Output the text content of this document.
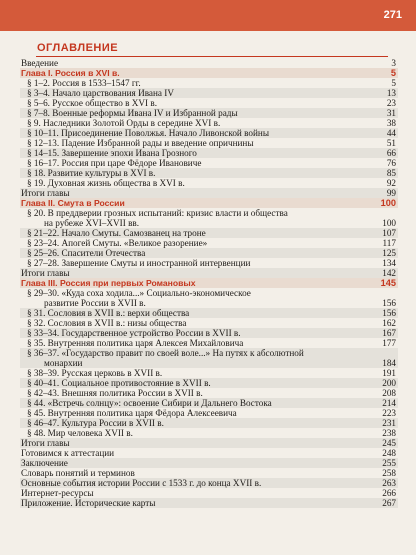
271
ОГЛАВЛЕНИЕ
Введение	3
Глава I. Россия в XVI в.	5
§ 1–2. Россия в 1533–1547 гг.	5
§ 3–4. Начало царствования Ивана IV	13
§ 5–6. Русское общество в XVI в.	23
§ 7–8. Военные реформы Ивана IV и Избранной рады	31
§ 9. Наследники Золотой Орды в середине XVI в.	38
§ 10–11. Присоединение Поволжья. Начало Ливонской войны	44
§ 12–13. Падение Избранной рады и введение опричнины	51
§ 14–15. Завершение эпохи Ивана Грозного	66
§ 16–17. Россия при царе Фёдоре Ивановиче	76
§ 18. Развитие культуры в XVI в.	85
§ 19. Духовная жизнь общества в XVI в.	92
Итоги главы	99
Глава II. Смута в России	100
§ 20. В преддверии грозных испытаний: кризис власти и общества
на рубеже XVI–XVII вв.	100
§ 21–22. Начало Смуты. Самозванец на троне	107
§ 23–24. Апогей Смуты. «Великое разорение»	117
§ 25–26. Спасители Отечества	125
§ 27–28. Завершение Смуты и иностранной интервенции	134
Итоги главы	142
Глава III. Россия при первых Романовых	145
§ 29–30. «Куда соха ходила...» Социально-экономическое
развитие России в XVII в.	156
§ 31. Сословия в XVII в.: верхи общества	156
§ 32. Сословия в XVII в.: низы общества	162
§ 33–34. Государственное устройство России в XVII в.	167
§ 35. Внутренняя политика царя Алексея Михайловича	177
§ 36–37. «Государство правит по своей воле...» На путях к абсолютной
монархии	184
§ 38–39. Русская церковь в XVII в.	191
§ 40–41. Социальное противостояние в XVII в.	200
§ 42–43. Внешняя политика России в XVII в.	208
§ 44. «Встречь солнцу»: освоение Сибири и Дальнего Востока	214
§ 45. Внутренняя политика царя Фёдора Алексеевича	223
§ 46–47. Культура России в XVII в.	231
§ 48. Мир человека XVII в.	238
Итоги главы	245
Готовимся к аттестации	248
Заключение	255
Словарь понятий и терминов	258
Основные события истории России с 1533 г. до конца XVII в.	263
Интернет-ресурсы	266
Приложение. Исторические карты	267
